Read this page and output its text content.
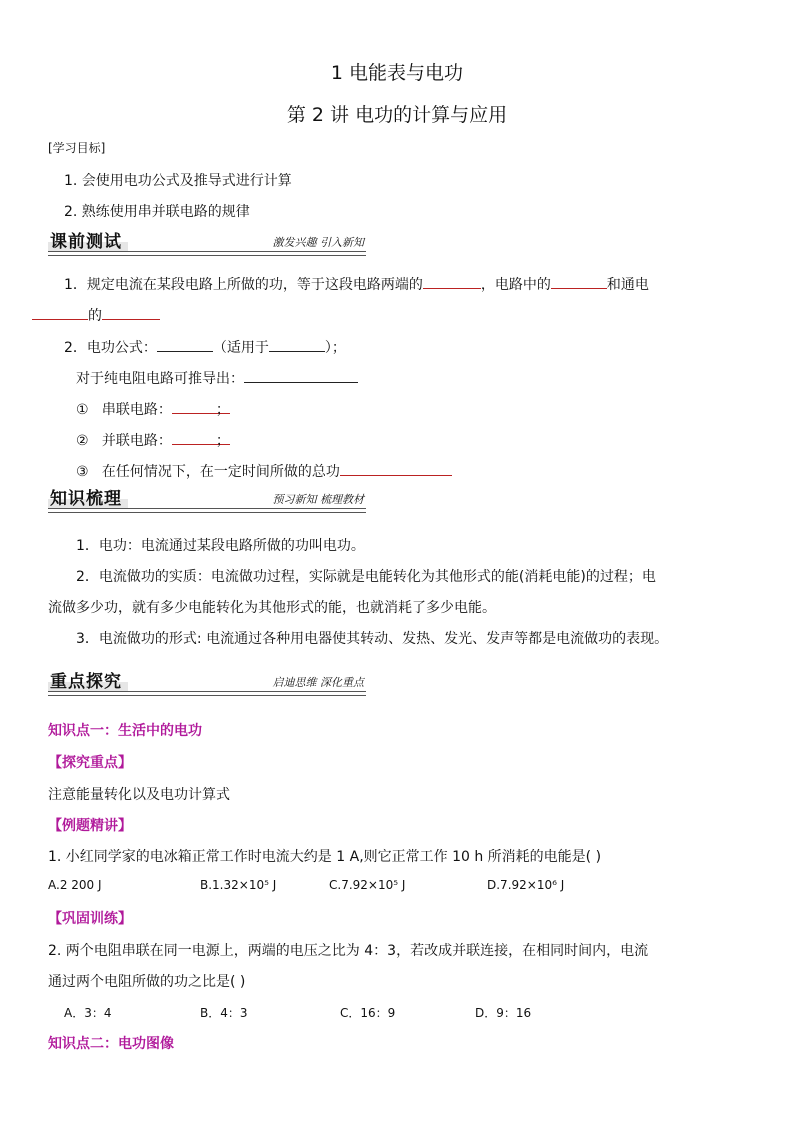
1 电能表与电功
第 2 讲 电功的计算与应用
[学习目标]
1. 会使用电功公式及推导式进行计算
2. 熟练使用串并联电路的规律
课前测试	激发兴趣 引入新知
1．规定电流在某段电路上所做的功，等于这段电路两端的	，电路中的	和通电
的
2．电功公式：	（适用于	）；
对于纯电阻电路可推导出：
① 串联电路：	；
② 并联电路：	；
③ 在任何情况下，在一定时间所做的总功
知识梳理	预习新知 梳理教材
1．电功：电流通过某段电路所做的功叫电功。
2．电流做功的实质：电流做功过程，实际就是电能转化为其他形式的能(消耗电能)的过程；电
流做多少功，就有多少电能转化为其他形式的能，也就消耗了多少电能。
3．电流做功的形式: 电流通过各种用电器使其转动、发热、发光、发声等都是电流做功的表现。
重点探究	启迪思维 深化重点
知识点一：生活中的电功
【探究重点】
注意能量转化以及电功计算式
【例题精讲】
1. 小红同学家的电冰箱正常工作时电流大约是 1 A,则它正常工作 10 h 所消耗的电能是( )
A.2 200 J	B.1.32×10⁵ J	C.7.92×10⁵ J	D.7.92×10⁶ J
【巩固训练】
2. 两个电阻串联在同一电源上，两端的电压之比为 4：3，若改成并联连接，在相同时间内，电流
通过两个电阻所做的功之比是( )
A．3：4	B．4：3	C．16：9	D．9：16
知识点二：电功图像
